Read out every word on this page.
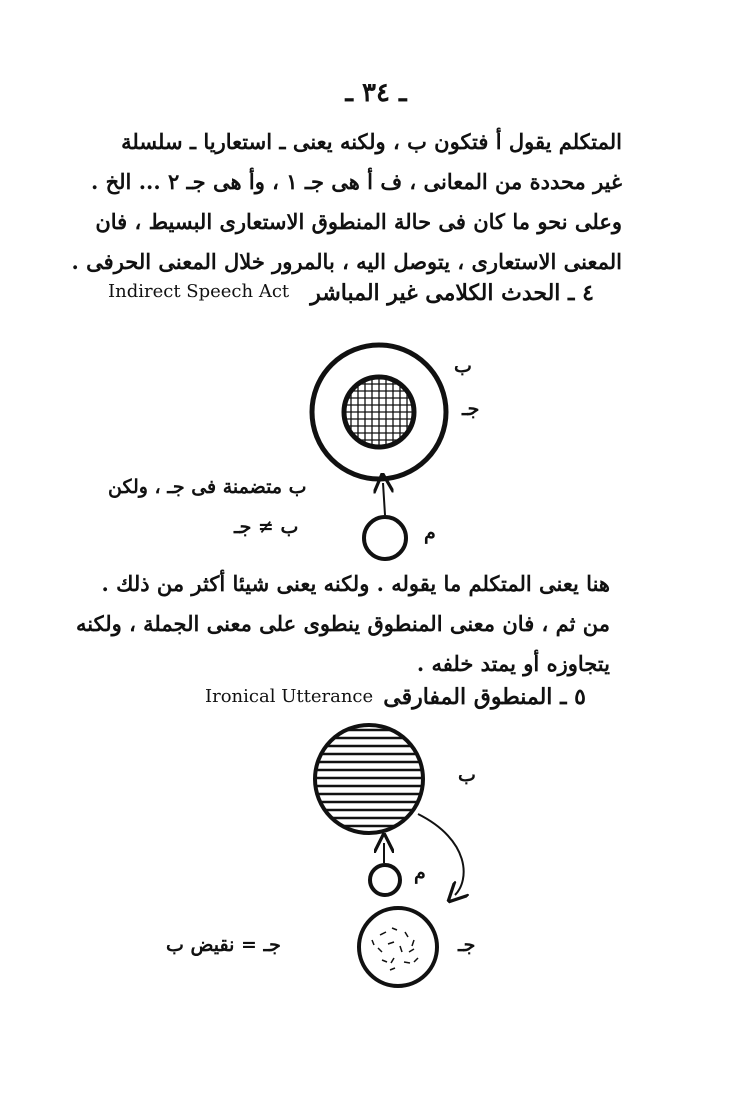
ـ ٣٤ ـ
المتكلم يقول أ فتكون ب ، ولكنه يعنى ـ استعاريا ـ سلسلة
غير محددة من المعانى ، ف أ هى جـ ١ ، وأ هى جـ ٢ ... الخ .
وعلى نحو ما كان فى حالة المنطوق الاستعارى البسيط ، فان
المعنى الاستعارى ، يتوصل اليه ، بالمرور خلال المعنى الحرفى .
Indirect Speech Act ٤ ـ الحدث الكلامى غير المباشر
ب
جـ
م
ب متضمنة فى جـ ، ولكن
ب ≠ جـ
هنا يعنى المتكلم ما يقوله . ولكنه يعنى شيئا أكثر من ذلك .
من ثم ، فان معنى المنطوق ينطوى على معنى الجملة ، ولكنه
يتجاوزه أو يمتد خلفه .
Ironical Utterance ٥ ـ المنطوق المفارقى
ب
م
جـ
جـ = نقيض ب
